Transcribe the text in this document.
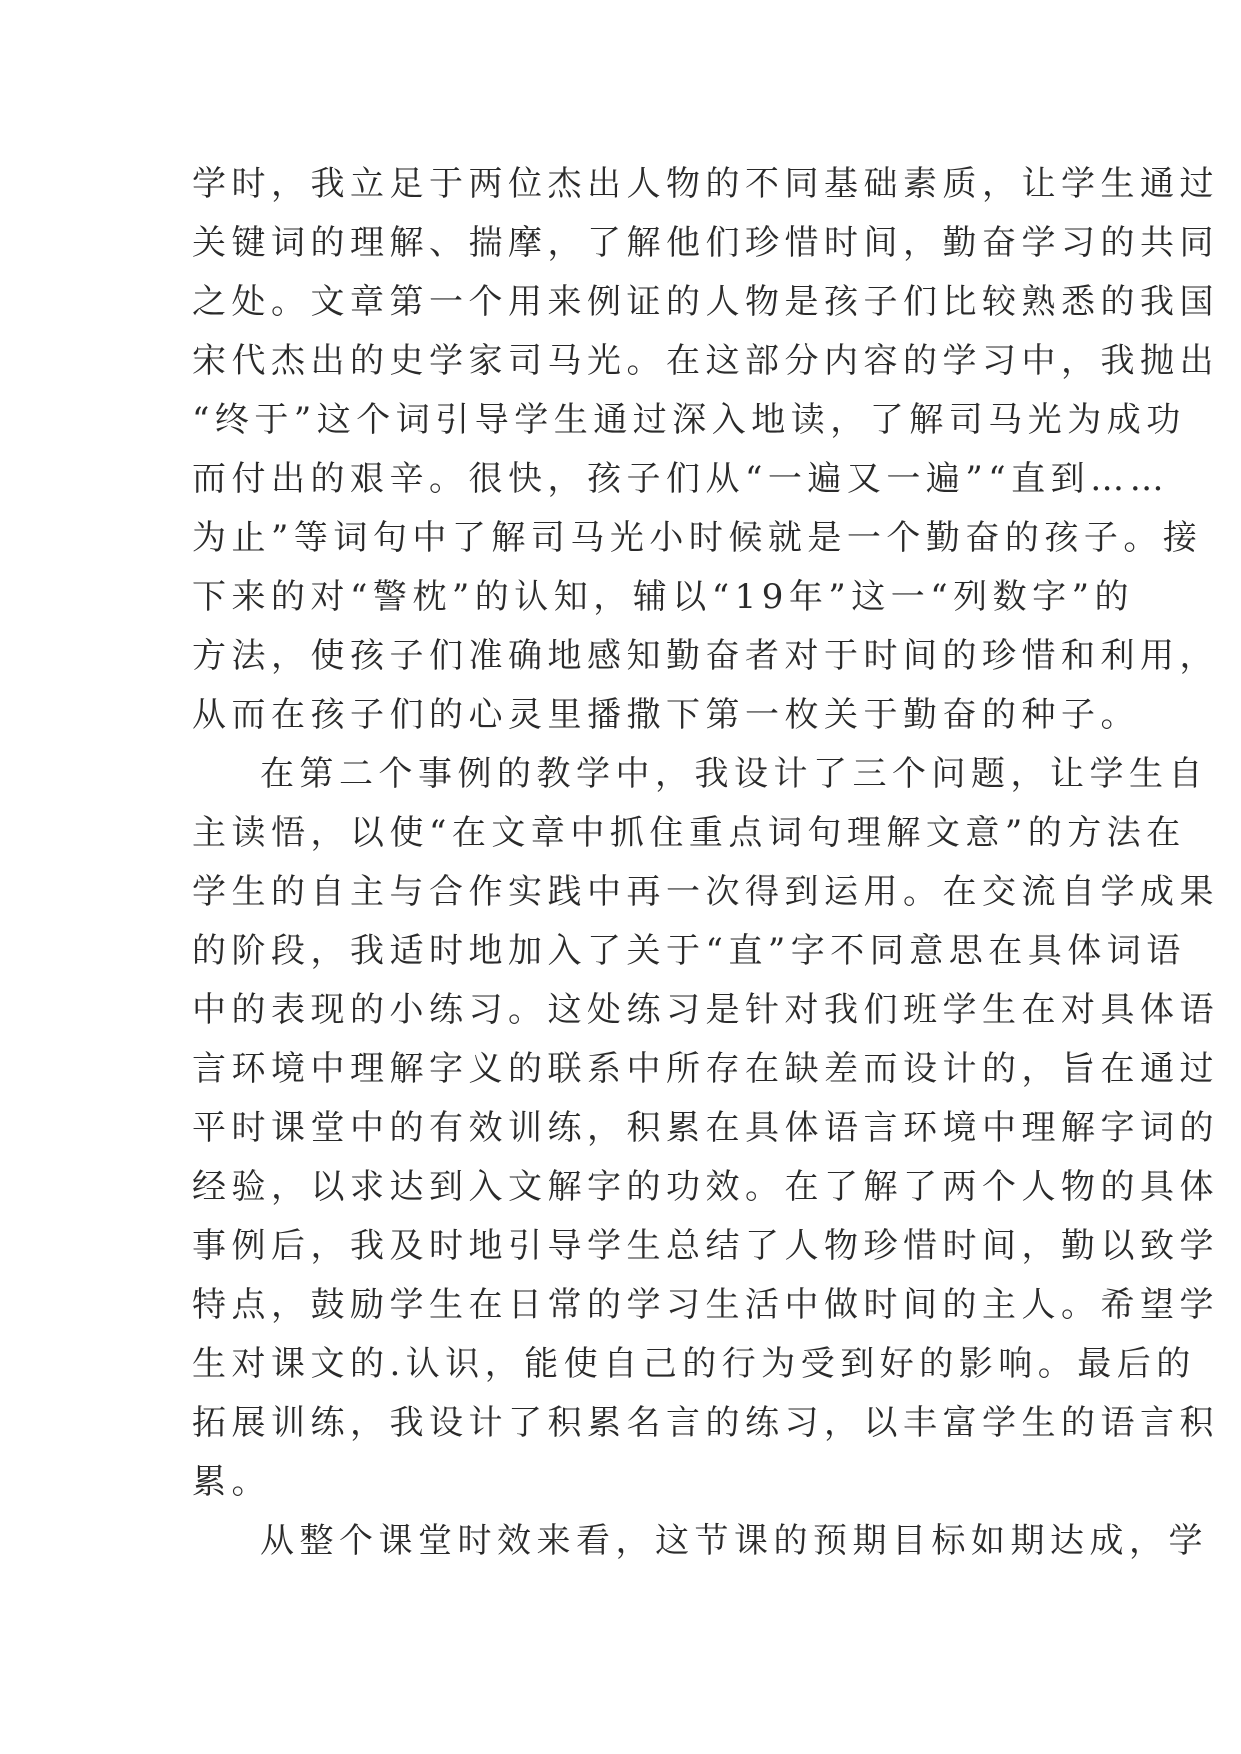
学时，我立足于两位杰出人物的不同基础素质，让学生通过
关键词的理解、揣摩，了解他们珍惜时间，勤奋学习的共同
之处。文章第一个用来例证的人物是孩子们比较熟悉的我国
宋代杰出的史学家司马光。在这部分内容的学习中，我抛出
“终于”这个词引导学生通过深入地读，了解司马光为成功
而付出的艰辛。很快，孩子们从“一遍又一遍”“直到……
为止”等词句中了解司马光小时候就是一个勤奋的孩子。接
下来的对“警枕”的认知，辅以“19年”这一“列数字”的
方法，使孩子们准确地感知勤奋者对于时间的珍惜和利用，
从而在孩子们的心灵里播撒下第一枚关于勤奋的种子。
在第二个事例的教学中，我设计了三个问题，让学生自
主读悟，以使“在文章中抓住重点词句理解文意”的方法在
学生的自主与合作实践中再一次得到运用。在交流自学成果
的阶段，我适时地加入了关于“直”字不同意思在具体词语
中的表现的小练习。这处练习是针对我们班学生在对具体语
言环境中理解字义的联系中所存在缺差而设计的，旨在通过
平时课堂中的有效训练，积累在具体语言环境中理解字词的
经验，以求达到入文解字的功效。在了解了两个人物的具体
事例后，我及时地引导学生总结了人物珍惜时间，勤以致学
特点，鼓励学生在日常的学习生活中做时间的主人。希望学
生对课文的.认识，能使自己的行为受到好的影响。最后的
拓展训练，我设计了积累名言的练习，以丰富学生的语言积
累。
从整个课堂时效来看，这节课的预期目标如期达成，学
